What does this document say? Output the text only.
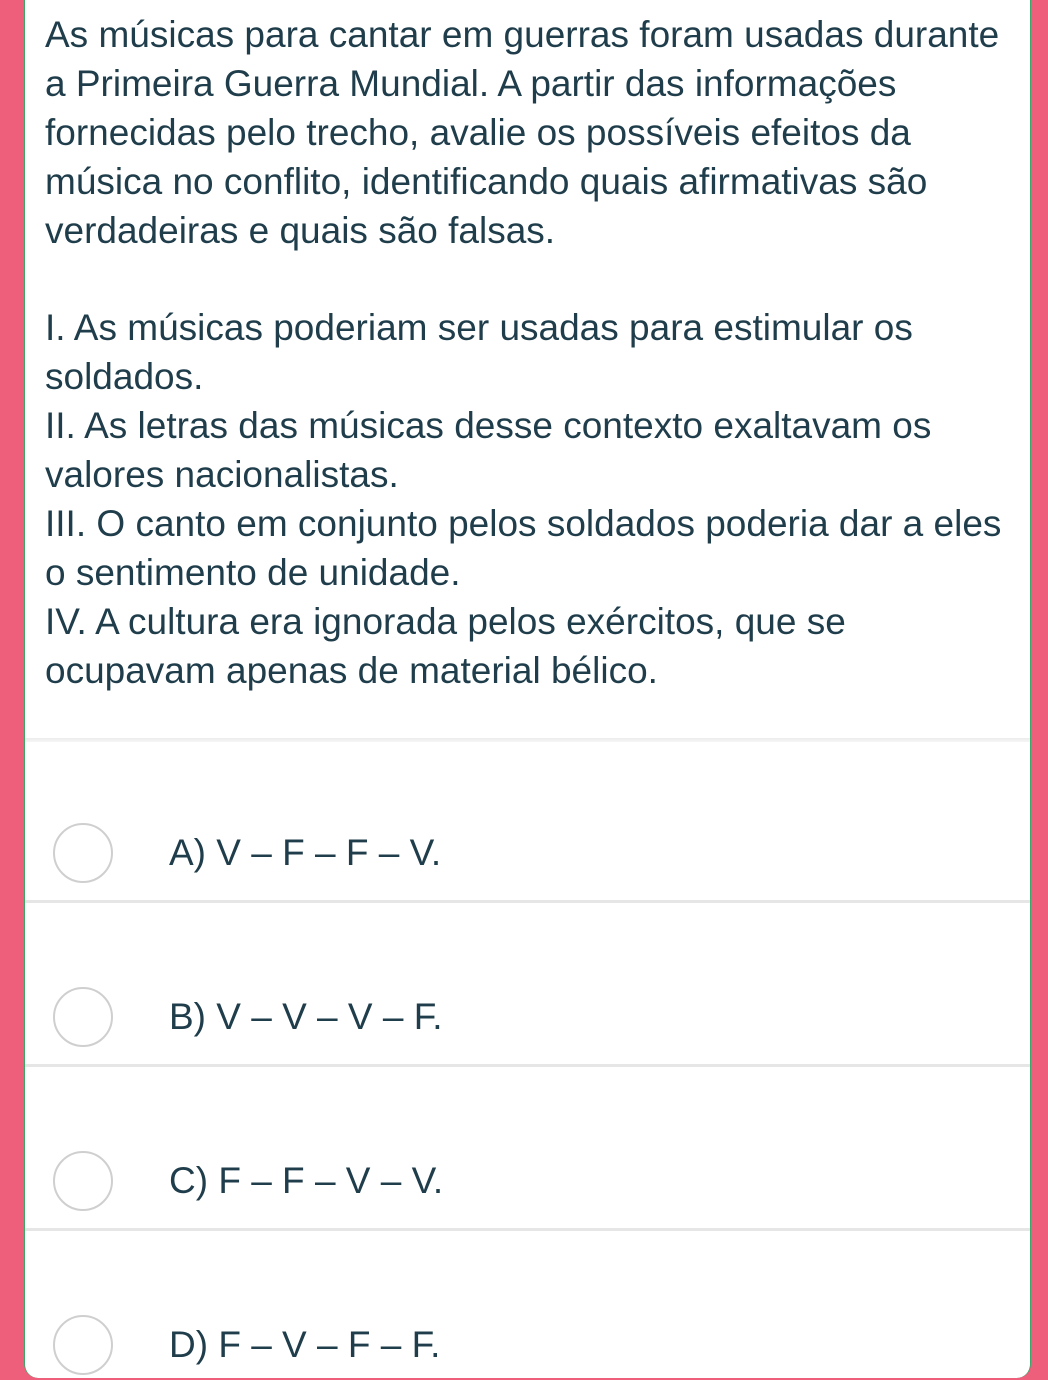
As músicas para cantar em guerras foram usadas durante a Primeira Guerra Mundial. A partir das informações fornecidas pelo trecho, avalie os possíveis efeitos da música no conflito, identificando quais afirmativas são verdadeiras e quais são falsas.

I. As músicas poderiam ser usadas para estimular os soldados.

II. As letras das músicas desse contexto exaltavam os valores nacionalistas.

III. O canto em conjunto pelos soldados poderia dar a eles o sentimento de unidade.

IV. A cultura era ignorada pelos exércitos, que se ocupavam apenas de material bélico.

A) V – F – F – V.
B) V – V – V – F.
C) F – F – V – V.
D) F – V – F – F.
